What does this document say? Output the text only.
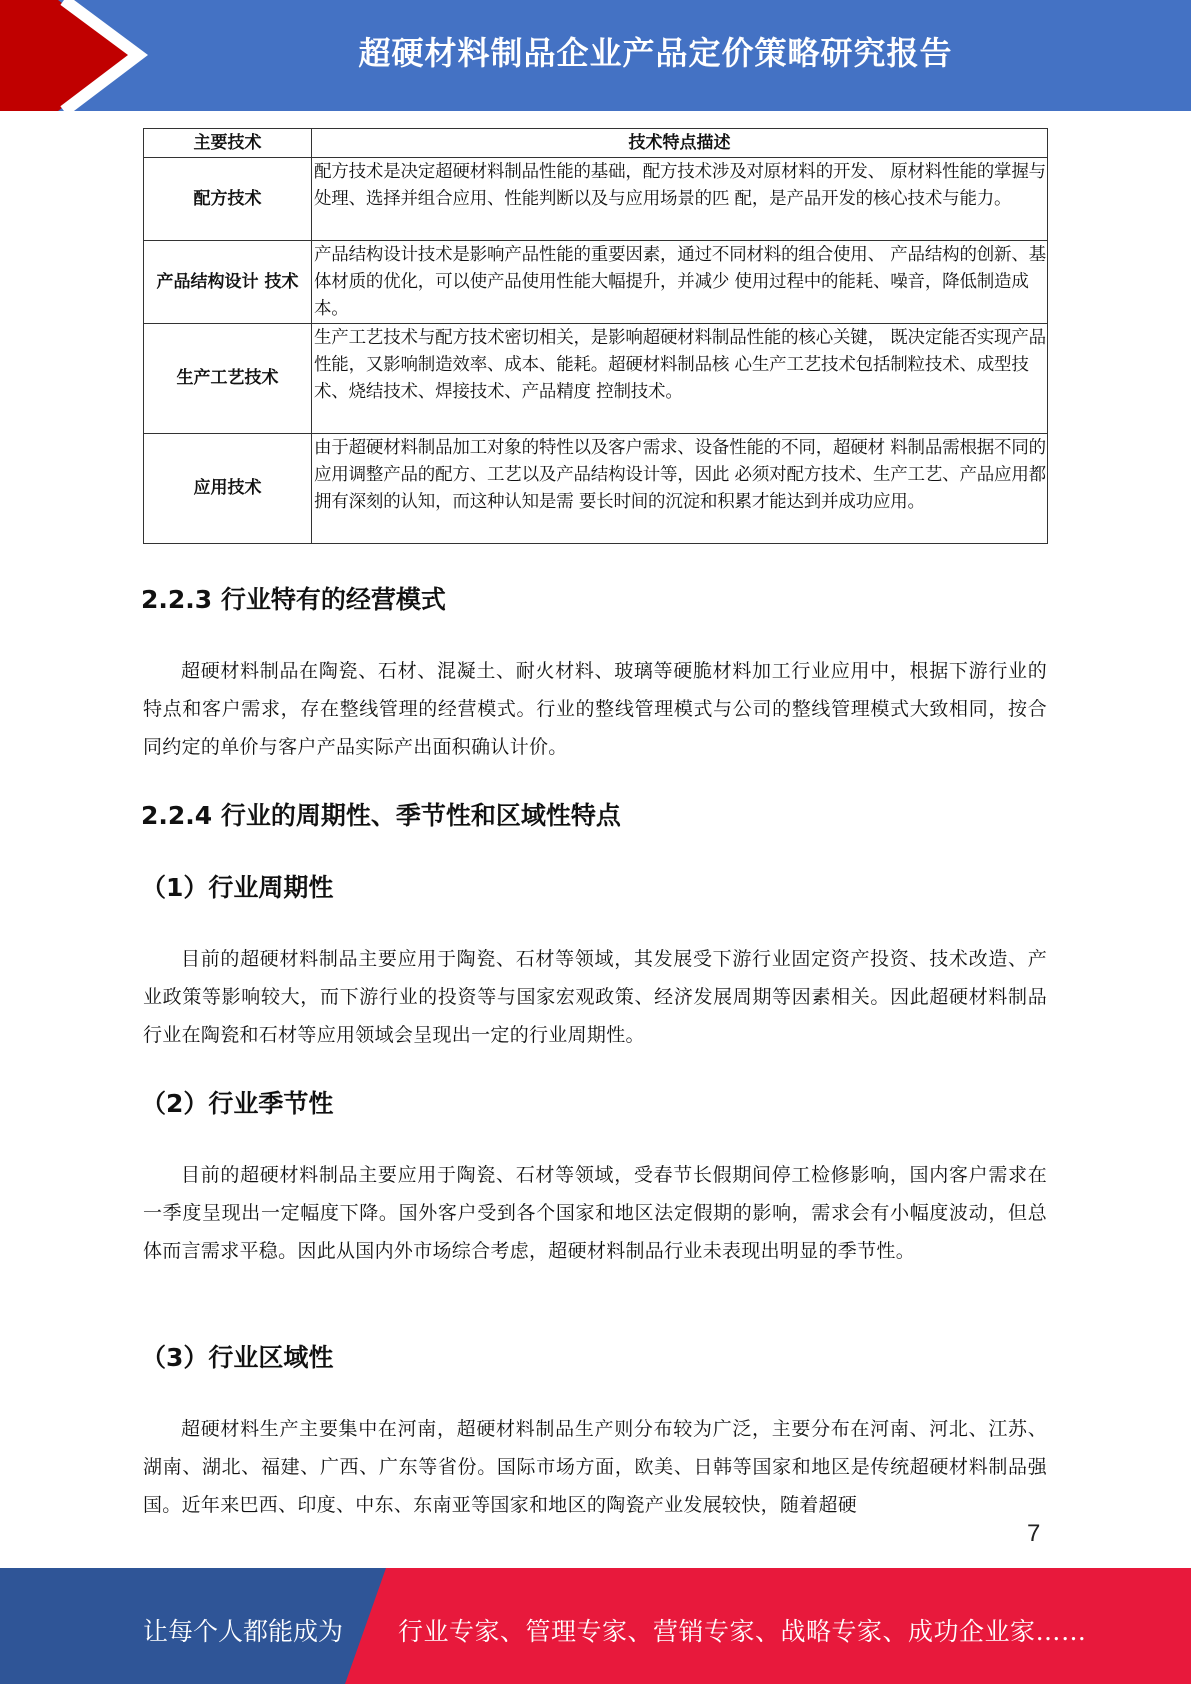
超硬材料制品企业产品定价策略研究报告
主要技术	技术特点描述
配方技术	配方技术是决定超硬材料制品性能的基础，配方技术涉及对原材料的开发、 原材料性能的掌握与处理、选择并组合应用、性能判断以及与应用场景的匹 配，是产品开发的核心技术与能力。
产品结构设计 技术	产品结构设计技术是影响产品性能的重要因素，通过不同材料的组合使用、 产品结构的创新、基体材质的优化，可以使产品使用性能大幅提升，并减少 使用过程中的能耗、噪音，降低制造成本。
生产工艺技术	生产工艺技术与配方技术密切相关，是影响超硬材料制品性能的核心关键， 既决定能否实现产品性能，又影响制造效率、成本、能耗。超硬材料制品核 心生产工艺技术包括制粒技术、成型技术、烧结技术、焊接技术、产品精度 控制技术。
应用技术	由于超硬材料制品加工对象的特性以及客户需求、设备性能的不同，超硬材 料制品需根据不同的应用调整产品的配方、工艺以及产品结构设计等，因此 必须对配方技术、生产工艺、产品应用都拥有深刻的认知，而这种认知是需 要长时间的沉淀和积累才能达到并成功应用。
2.2.3 行业特有的经营模式

超硬材料制品在陶瓷、石材、混凝土、耐火材料、玻璃等硬脆材料加工行业应用中，根据下游行业的特点和客户需求，存在整线管理的经营模式。行业的整线管理模式与公司的整线管理模式大致相同，按合同约定的单价与客户产品实际产出面积确认计价。

2.2.4 行业的周期性、季节性和区域性特点
（1）行业周期性

目前的超硬材料制品主要应用于陶瓷、石材等领域，其发展受下游行业固定资产投资、技术改造、产业政策等影响较大，而下游行业的投资等与国家宏观政策、经济发展周期等因素相关。因此超硬材料制品行业在陶瓷和石材等应用领域会呈现出一定的行业周期性。

（2）行业季节性

目前的超硬材料制品主要应用于陶瓷、石材等领域，受春节长假期间停工检修影响，国内客户需求在一季度呈现出一定幅度下降。国外客户受到各个国家和地区法定假期的影响，需求会有小幅度波动，但总体而言需求平稳。因此从国内外市场综合考虑，超硬材料制品行业未表现出明显的季节性。

（3）行业区域性

超硬材料生产主要集中在河南，超硬材料制品生产则分布较为广泛，主要分布在河南、河北、江苏、湖南、湖北、福建、广西、广东等省份。国际市场方面，欧美、日韩等国家和地区是传统超硬材料制品强国。近年来巴西、印度、中东、东南亚等国家和地区的陶瓷产业发展较快，随着超硬

7
让每个人都能成为 行业专家、管理专家、营销专家、战略专家、成功企业家……
